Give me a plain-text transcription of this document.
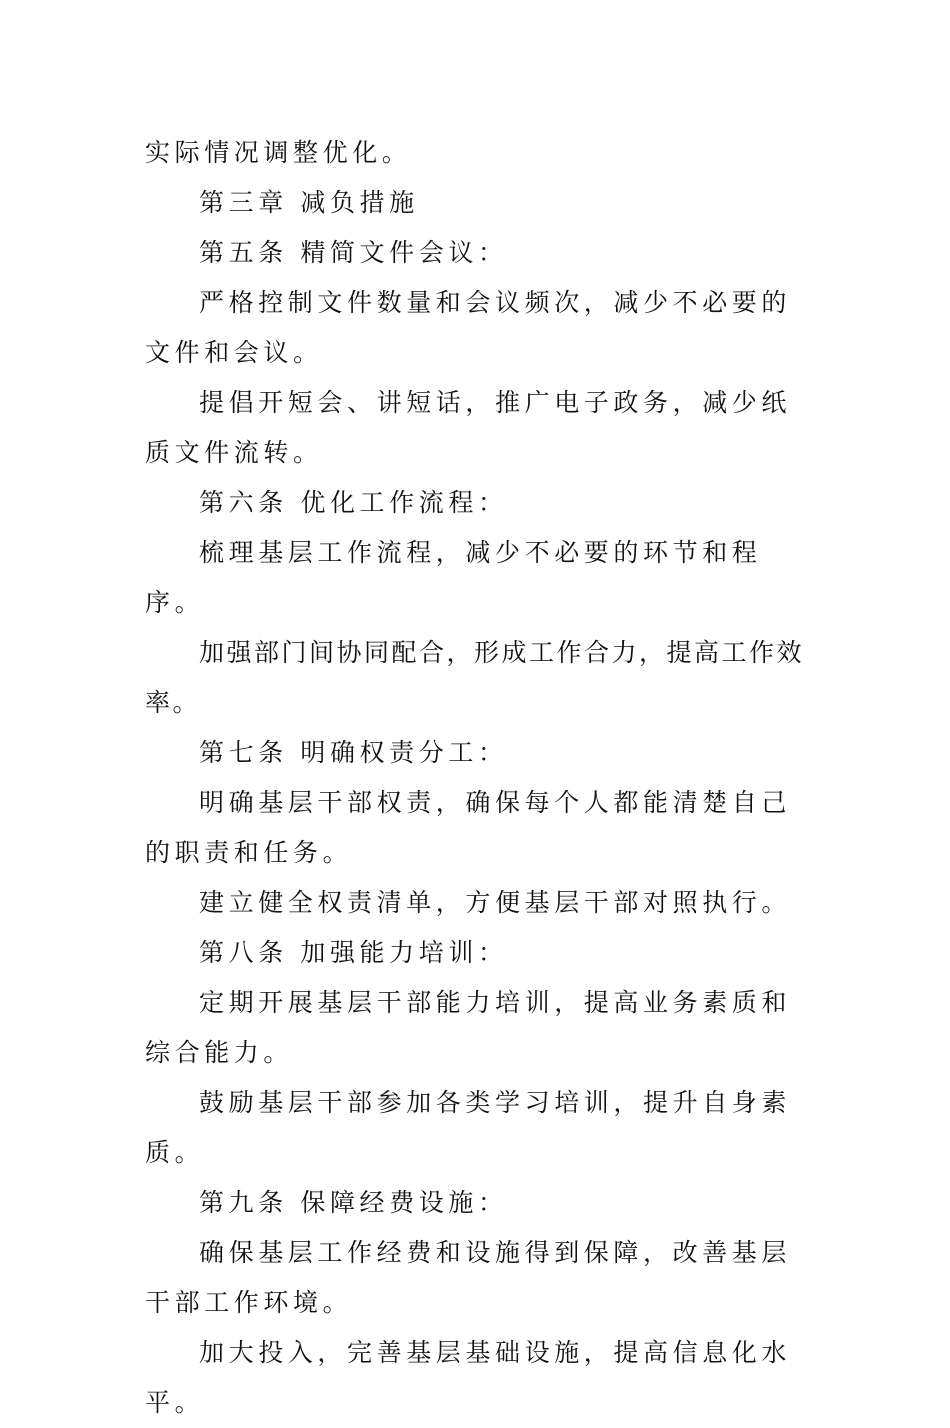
实际情况调整优化。

第三章 减负措施

第五条 精简文件会议：

严格控制文件数量和会议频次，减少不必要的文件和会议。

提倡开短会、讲短话，推广电子政务，减少纸质文件流转。

第六条 优化工作流程：

梳理基层工作流程，减少不必要的环节和程序。

加强部门间协同配合，形成工作合力，提高工作效率。

第七条 明确权责分工：

明确基层干部权责，确保每个人都能清楚自己的职责和任务。

建立健全权责清单，方便基层干部对照执行。

第八条 加强能力培训：

定期开展基层干部能力培训，提高业务素质和综合能力。

鼓励基层干部参加各类学习培训，提升自身素质。

第九条 保障经费设施：

确保基层工作经费和设施得到保障，改善基层干部工作环境。

加大投入，完善基层基础设施，提高信息化水平。
